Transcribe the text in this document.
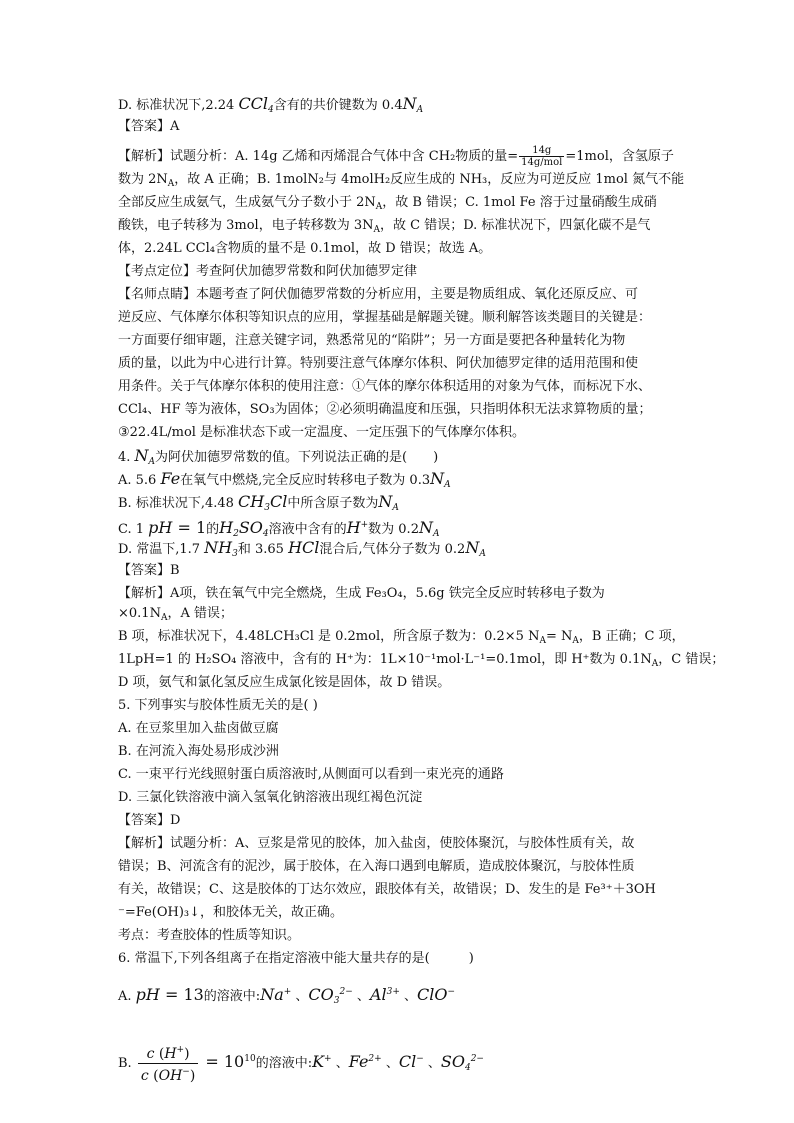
D. 标准状况下,2.24 CCl$_4$含有的共价键数为 $0.4N_A$
【答案】A
【解析】试题分析：A. 14g 乙烯和丙烯混合气体中含 CH₂物质的量= $\frac{14g}{\text{14g/mol}} =1mol$，含氢原子
数为 $2N_A$，故 A 正确；B. 1molN₂与 4molH₂反应生成的 NH₃，反应为可逆反应 1mol 氮气不能
全部反应生成氨气，生成氨气分子数小于 $2N_A$，故 B 错误；C. 1mol Fe 溶于过量硝酸生成硝
酸铁，电子转移为 3mol，电子转移数为 $3N_A$，故 C 错误；D. 标准状况下，四氯化碳不是气
体，2.24L CCl₄含物质的量不是 0.1mol，故 D 错误；故选 A。
【考点定位】考查阿伏加德罗常数和阿伏加德罗定律
【名师点睛】本题考查了阿伏伽德罗常数的分析应用，主要是物质组成、氧化还原反应、可
逆反应、气体摩尔体积等知识点的应用，掌握基础是解题关键。顺利解答该类题目的关键是：
一方面要仔细审题，注意关键字词，熟悉常见的“陷阱”；另一方面是要把各种量转化为物
质的量，以此为中心进行计算。特别要注意气体摩尔体积、阿伏加德罗定律的适用范围和使
用条件。关于气体摩尔体积的使用注意：①气体的摩尔体积适用的对象为气体，而标况下水、
CCl₄、HF 等为液体，SO₃为固体；②必须明确温度和压强，只指明体积无法求算物质的量；
③22.4L/mol 是标准状态下或一定温度、一定压强下的气体摩尔体积。
4. $N_A$为阿伏加德罗常数的值。下列说法正确的是(　　)
A. 5.6 Fe在氧气中燃烧,完全反应时转移电子数为 $0.3N_A$
B. 标准状况下,4.48 $CH_3Cl$中所含原子数为$N_A$
C. 1 pH = 1的$H_2SO_4$溶液中含有的H+数为 $0.2N_A$
D. 常温下,1.7 $NH_3$和 3.65 HCl混合后,气体分子数为 $0.2N_A$
【答案】B
【解析】A项，铁在氧气中完全燃烧，生成 Fe₃O₄，5.6g 铁完全反应时转移电子数为
$\times 0.1N_A$，A 错误；
B 项，标准状况下，4.48LCH₃Cl 是 0.2mol，所含原子数为：0.2×5 $N_A= N_A$，B 正确；C 项，
1LpH=1 的 H₂SO₄ 溶液中，含有的 H⁺为：1L×10⁻¹mol·L⁻¹=0.1mol，即 H⁺数为 $0.1N_A$，C 错误；
D 项，氨气和氯化氢反应生成氯化铵是固体，故 D 错误。
5. 下列事实与胶体性质无关的是( )
A. 在豆浆里加入盐卤做豆腐
B. 在河流入海处易形成沙洲
C. 一束平行光线照射蛋白质溶液时,从侧面可以看到一束光亮的通路
D. 三氯化铁溶液中滴入氢氧化钠溶液出现红褐色沉淀
【答案】D
【解析】试题分析：A、豆浆是常见的胶体，加入盐卤，使胶体聚沉，与胶体性质有关，故
错误；B、河流含有的泥沙，属于胶体，在入海口遇到电解质，造成胶体聚沉，与胶体性质
有关，故错误；C、这是胶体的丁达尔效应，跟胶体有关，故错误；D、发生的是 Fe³⁺＋3OH
⁻=Fe(OH)₃↓，和胶体无关，故正确。
考点：考查胶体的性质等知识。
6. 常温下,下列各组离子在指定溶液中能大量共存的是(　　　)
A. pH = 13的溶液中:Na+ 、$CO_3^{2-}$ 、$Al^{3+}$ 、ClO−
B. $\frac{c (H^+)}{c (OH^-)} = 10^{10}$的溶液中:K+ 、$Fe^{2+}$ 、Cl− 、$SO_4^{2-}$
